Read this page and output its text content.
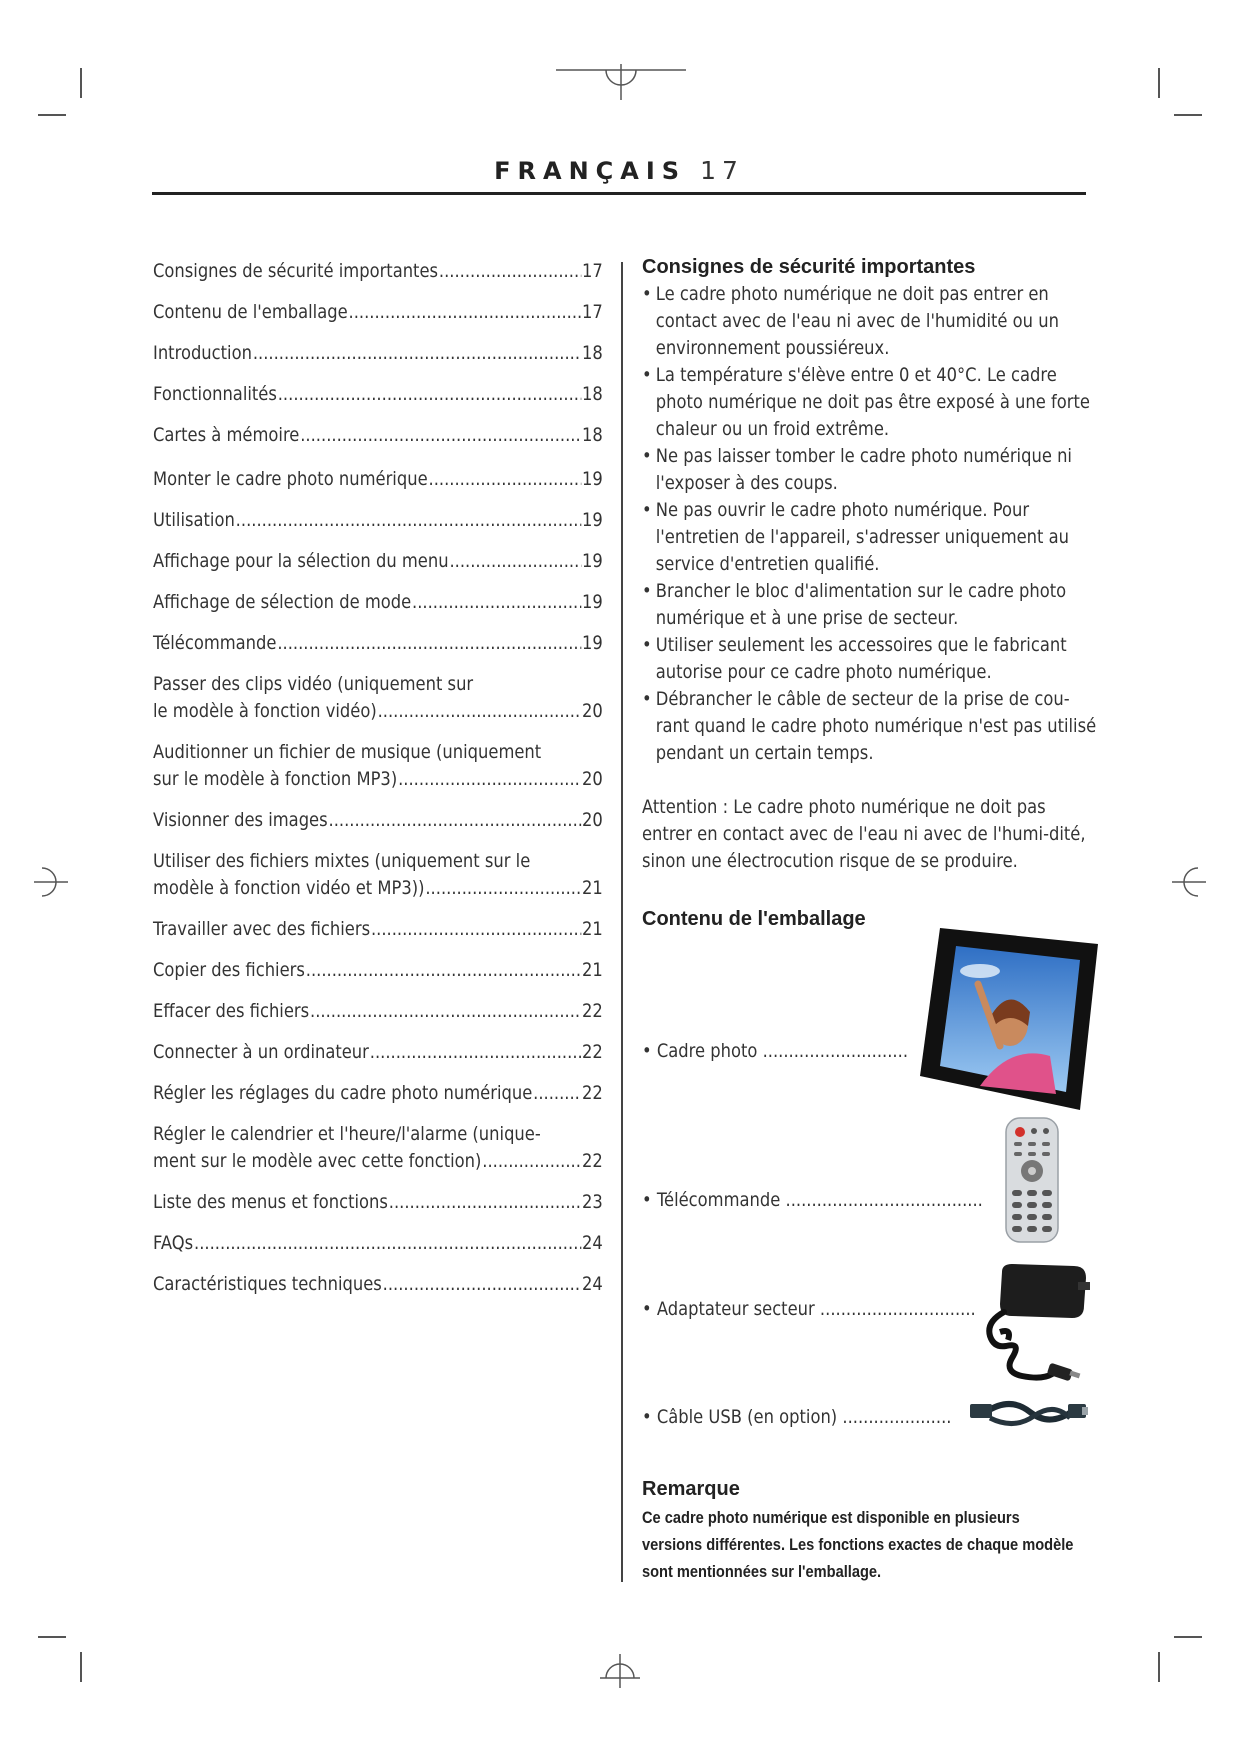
FRANÇAIS 17
Consignes de sécurité importantes .....	17
Contenu de l'emballage .....	17
Introduction .....	18
Fonctionnalités .....	18
Cartes à mémoire .....	18
Monter le cadre photo numérique .....	19
Utilisation .....	19
Affichage pour la sélection du menu .....	19
Affichage de sélection de mode .....	19
Télécommande .....	19
Passer des clips vidéo (uniquement sur
le modèle à fonction vidéo) .....	20
Auditionner un fichier de musique (uniquement
sur le modèle à fonction MP3) .....	20
Visionner des images .....	20
Utiliser des fichiers mixtes (uniquement sur le
modèle à fonction vidéo et MP3)) .....	21
Travailler avec des fichiers .....	21
Copier des fichiers .....	21
Effacer des fichiers .....	22
Connecter à un ordinateur .....	22
Régler les réglages du cadre photo numérique .....	22
Régler le calendrier et l'heure/l'alarme (unique-
ment sur le modèle avec cette fonction) .....	22
Liste des menus et fonctions .....	23
FAQs .....	24
Caractéristiques techniques .....	24
Consignes de sécurité importantes
• Le cadre photo numérique ne doit pas entrer en contact avec de l'eau ni avec de l'humidité ou un environnement poussiéreux.
• La température s'élève entre 0 et 40°C. Le cadre photo numérique ne doit pas être exposé à une forte chaleur ou un froid extrême.
• Ne pas laisser tomber le cadre photo numérique ni l'exposer à des coups.
• Ne pas ouvrir le cadre photo numérique. Pour l'entretien de l'appareil, s'adresser uniquement au service d'entretien qualifié.
• Brancher le bloc d'alimentation sur le cadre photo numérique et à une prise de secteur.
• Utiliser seulement les accessoires que le fabricant autorise pour ce cadre photo numérique.
• Débrancher le câble de secteur de la prise de cou-rant quand le cadre photo numérique n'est pas utilisé pendant un certain temps.

Attention : Le cadre photo numérique ne doit pas entrer en contact avec de l'eau ni avec de l'humi-dité, sinon une électrocution risque de se produire.

Contenu de l'emballage
• Cadre photo ............................
• Télécommande ......................................
• Adaptateur secteur ..............................
• Câble USB (en option) .....................
Remarque
Ce cadre photo numérique est disponible en plusieurs versions différentes. Les fonctions exactes de chaque modèle sont mentionnées sur l'emballage.
